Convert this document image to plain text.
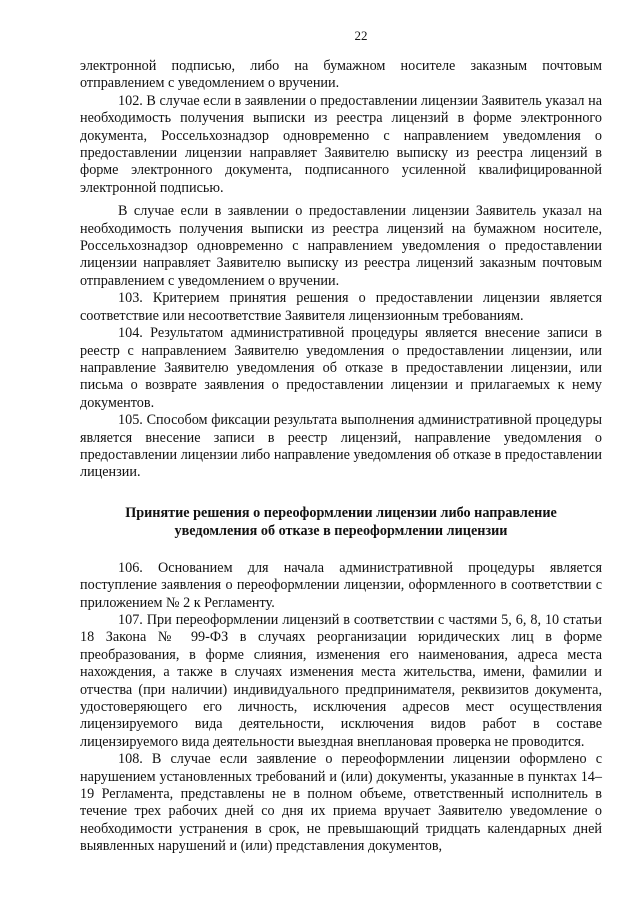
22

электронной подписью, либо на бумажном носителе заказным почтовым отправлением с уведомлением о вручении.

102. В случае если в заявлении о предоставлении лицензии Заявитель указал на необходимость получения выписки из реестра лицензий в форме электронного документа, Россельхознадзор одновременно с направлением уведомления о предоставлении лицензии направляет Заявителю выписку из реестра лицензий в форме электронного документа, подписанного усиленной квалифицированной электронной подписью.

В случае если в заявлении о предоставлении лицензии Заявитель указал на необходимость получения выписки из реестра лицензий на бумажном носителе, Россельхознадзор одновременно с направлением уведомления о предоставлении лицензии направляет Заявителю выписку из реестра лицензий заказным почтовым отправлением с уведомлением о вручении.

103. Критерием принятия решения о предоставлении лицензии является соответствие или несоответствие Заявителя лицензионным требованиям.

104. Результатом административной процедуры является внесение записи в реестр с направлением Заявителю уведомления о предоставлении лицензии, или направление Заявителю уведомления об отказе в предоставлении лицензии, или письма о возврате заявления о предоставлении лицензии и прилагаемых к нему документов.

105. Способом фиксации результата выполнения административной процедуры является внесение записи в реестр лицензий, направление уведомления о предоставлении лицензии либо направление уведомления об отказе в предоставлении лицензии.

Принятие решения о переоформлении лицензии либо направление
уведомления об отказе в переоформлении лицензии

106. Основанием для начала административной процедуры является поступление заявления о переоформлении лицензии, оформленного в соответствии с приложением № 2 к Регламенту.

107. При переоформлении лицензий в соответствии с частями 5, 6, 8, 10 статьи 18 Закона № 99-ФЗ в случаях реорганизации юридических лиц в форме преобразования, в форме слияния, изменения его наименования, адреса места нахождения, а также в случаях изменения места жительства, имени, фамилии и отчества (при наличии) индивидуального предпринимателя, реквизитов документа, удостоверяющего его личность, исключения адресов мест осуществления лицензируемого вида деятельности, исключения видов работ в составе лицензируемого вида деятельности выездная внеплановая проверка не проводится.

108. В случае если заявление о переоформлении лицензии оформлено с нарушением установленных требований и (или) документы, указанные в пунктах 14–19 Регламента, представлены не в полном объеме, ответственный исполнитель в течение трех рабочих дней со дня их приема вручает Заявителю уведомление о необходимости устранения в срок, не превышающий тридцать календарных дней выявленных нарушений и (или) представления документов,
